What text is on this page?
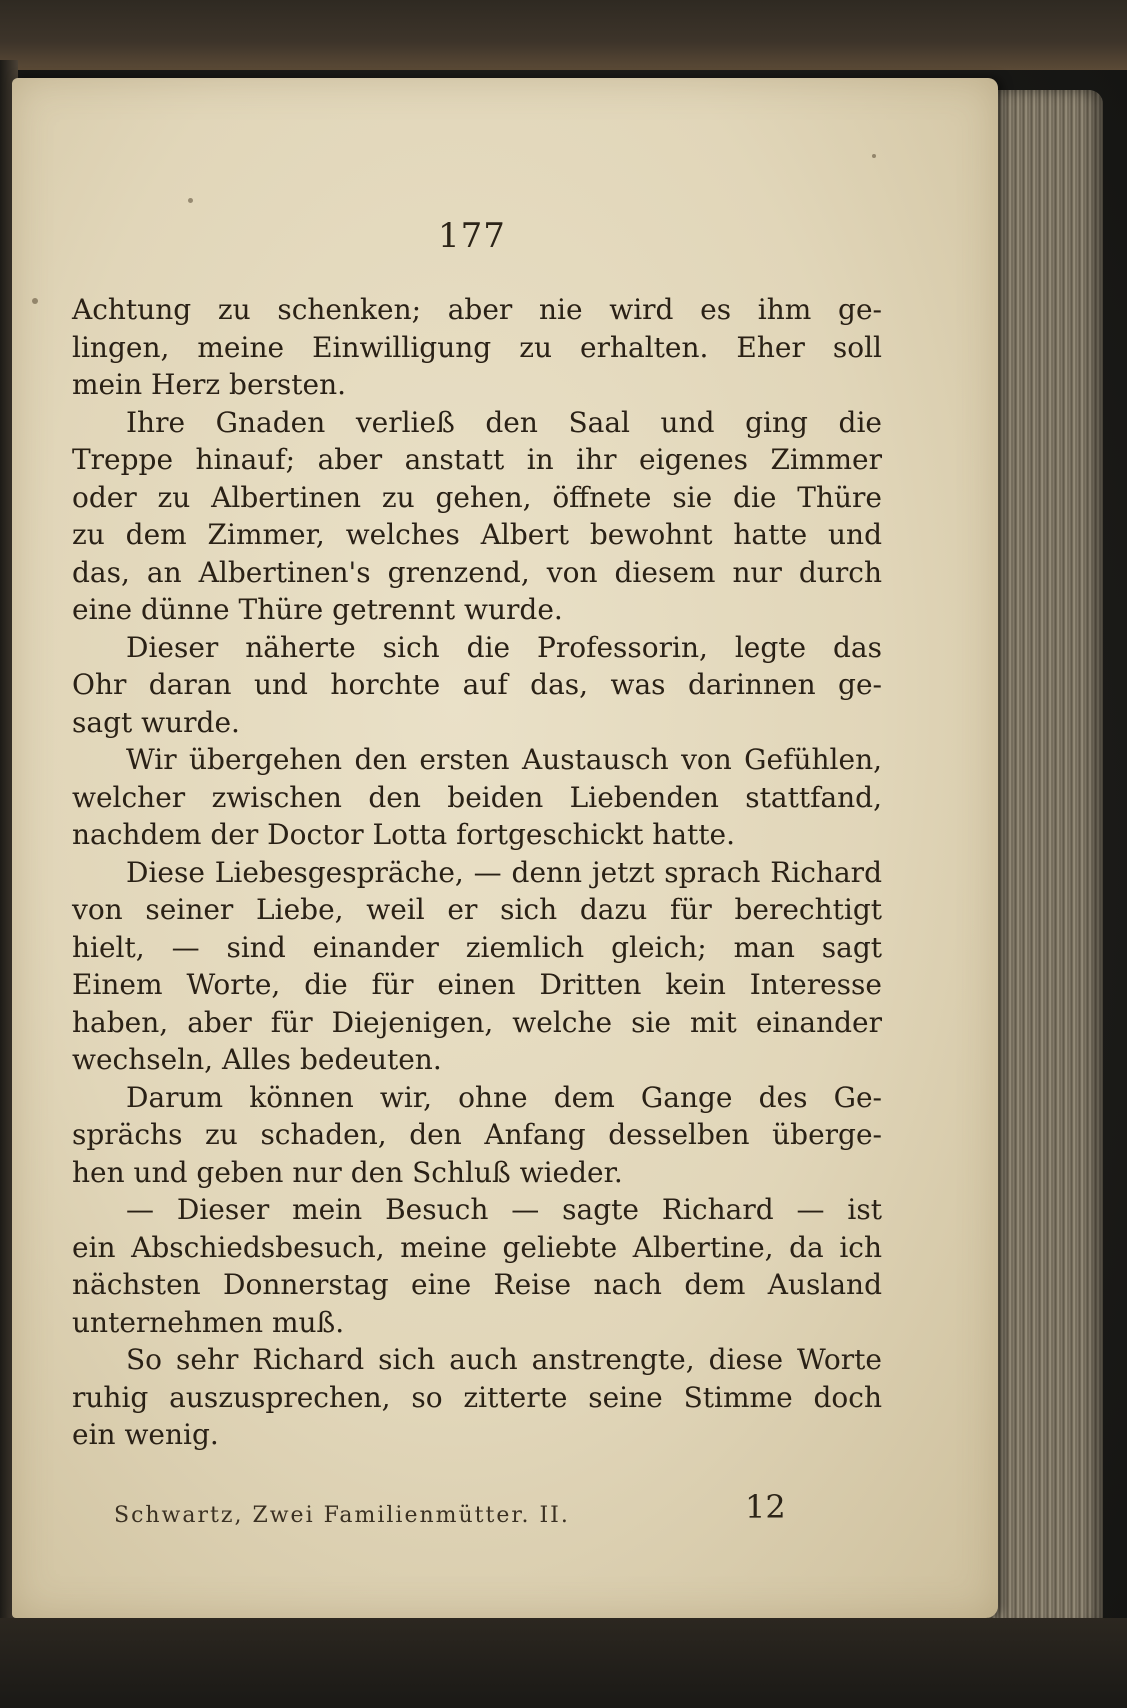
177
Achtung zu schenken; aber nie wird es ihm ge-
lingen, meine Einwilligung zu erhalten. Eher soll
mein Herz bersten.
Ihre Gnaden verließ den Saal und ging die
Treppe hinauf; aber anstatt in ihr eigenes Zimmer
oder zu Albertinen zu gehen, öffnete sie die Thüre
zu dem Zimmer, welches Albert bewohnt hatte und
das, an Albertinen's grenzend, von diesem nur durch
eine dünne Thüre getrennt wurde.
Dieser näherte sich die Professorin, legte das
Ohr daran und horchte auf das, was darinnen ge-
sagt wurde.
Wir übergehen den ersten Austausch von Gefühlen,
welcher zwischen den beiden Liebenden stattfand,
nachdem der Doctor Lotta fortgeschickt hatte.
Diese Liebesgespräche, — denn jetzt sprach Richard
von seiner Liebe, weil er sich dazu für berechtigt
hielt, — sind einander ziemlich gleich; man sagt
Einem Worte, die für einen Dritten kein Interesse
haben, aber für Diejenigen, welche sie mit einander
wechseln, Alles bedeuten.
Darum können wir, ohne dem Gange des Ge-
sprächs zu schaden, den Anfang desselben überge-
hen und geben nur den Schluß wieder.
— Dieser mein Besuch — sagte Richard — ist
ein Abschiedsbesuch, meine geliebte Albertine, da ich
nächsten Donnerstag eine Reise nach dem Ausland
unternehmen muß.
So sehr Richard sich auch anstrengte, diese Worte
ruhig auszusprechen, so zitterte seine Stimme doch
ein wenig.
Schwartz, Zwei Familienmütter. II.	12
